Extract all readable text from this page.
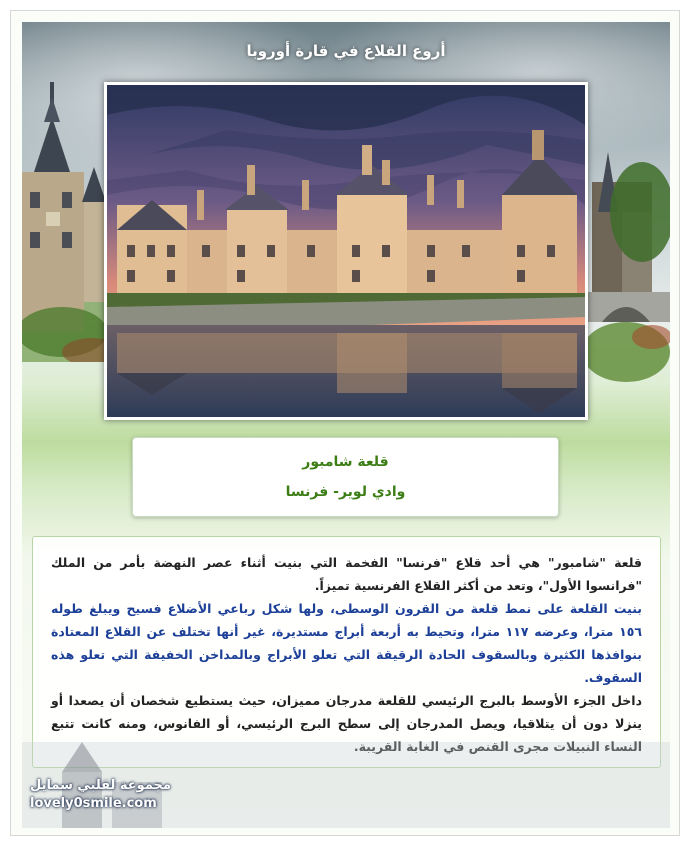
أروع القلاع في قارة أوروبا
قلعة شامبور
وادي لوير- فرنسا

قلعة "شامبور" هي أحد قلاع "فرنسا" الفخمة التي بنيت أثناء عصر النهضة بأمر من الملك "فرانسوا الأول"، وتعد من أكثر القلاع الفرنسية تميزاً.

بنيت القلعة على نمط قلعة من القرون الوسطى، ولها شكل رباعي الأضلاع فسيح ويبلغ طوله ١٥٦ مترا، وعرضه ١١٧ مترا، وتحيط به أربعة أبراج مستديرة، غير أنها تختلف عن القلاع المعتادة بنوافذها الكثيرة وبالسقوف الحادة الرقيقة التي تعلو الأبراج وبالمداخن الخفيفة التي تعلو هذه السقوف.

داخل الجزء الأوسط بالبرج الرئيسي للقلعة مدرجان مميزان، حيث يستطيع شخصان أن يصعدا أو ينزلا دون أن يتلاقيا، ويصل المدرجان إلى سطح البرج الرئيسي، أو الفانوس، ومنه كانت تتبع النساء النبيلات مجرى القنص في الغابة القريبة.

مجموعة لقلبي سمايل
lovely0smile.com
